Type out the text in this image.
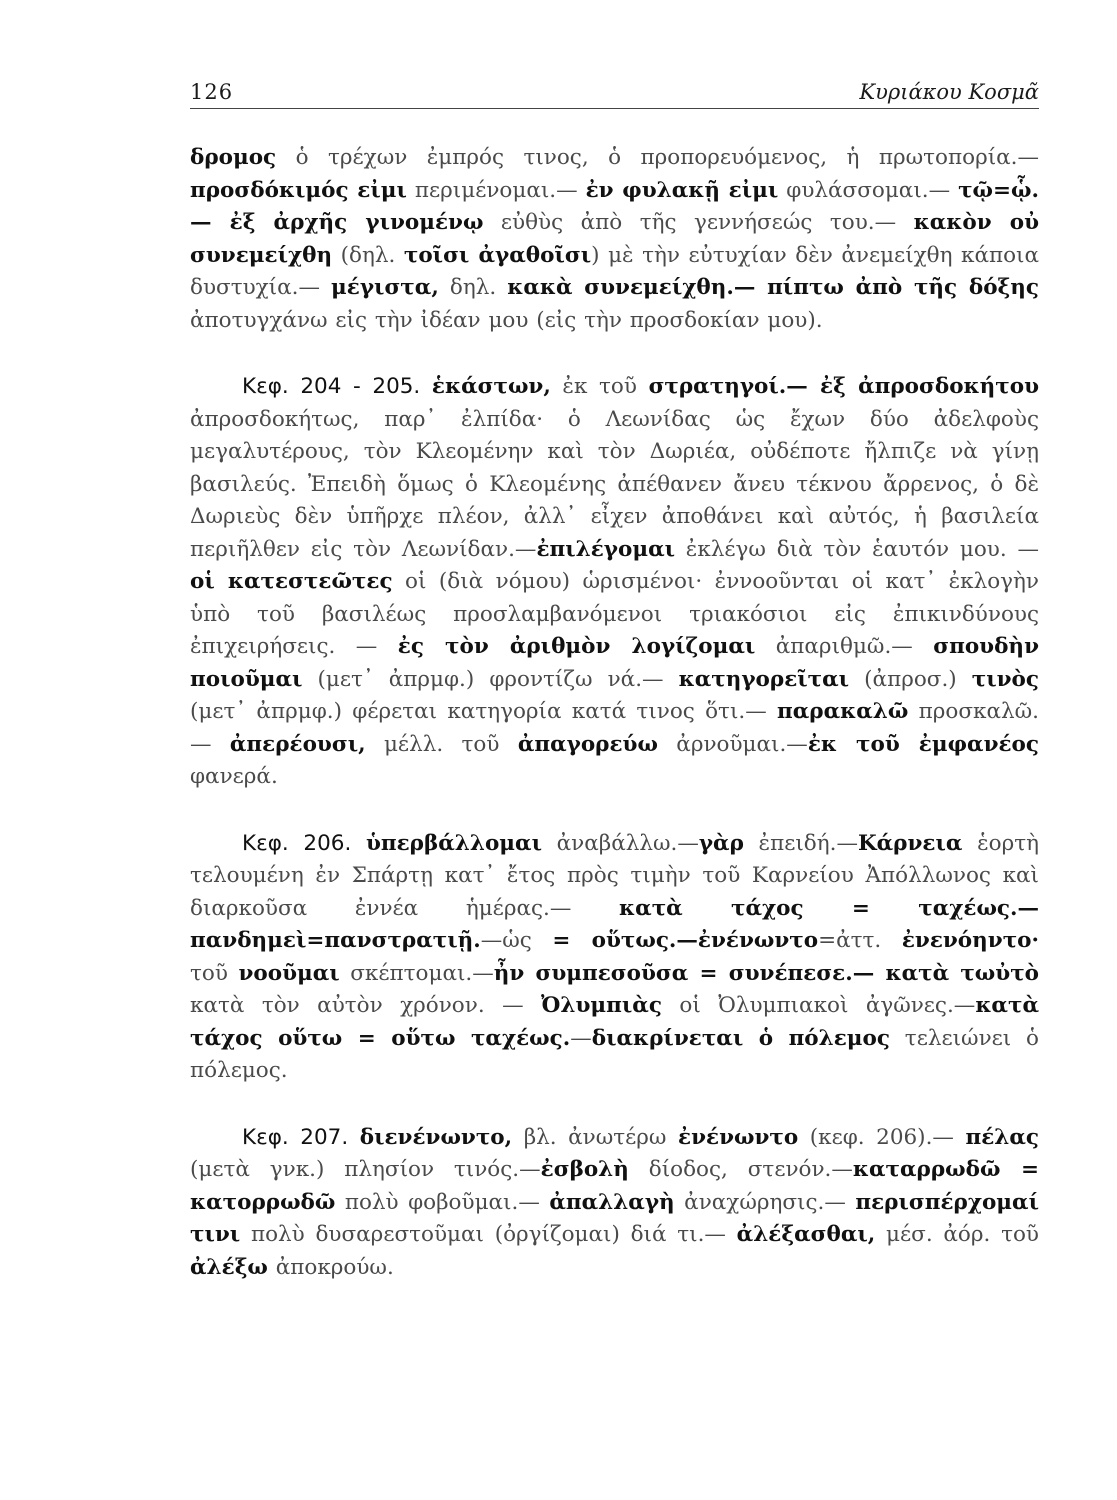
126	Κυριάκου Κοσμᾶ

δρομος ὁ τρέχων ἐμπρός τινος, ὁ προπορευόμενος, ἡ πρωτοπορία.— προσδόκιμός εἰμι περιμένομαι.— ἐν φυλακῇ εἰμι φυλάσσομαι.— τῷ=ᾧ.— ἐξ ἀρχῆς γινομένῳ εὐθὺς ἀπὸ τῆς γεννήσεώς του.— κακὸν οὐ συνεμείχθη (δηλ. τοῖσι ἀγαθοῖσι) μὲ τὴν εὐτυχίαν δὲν ἀνεμείχθη κάποια δυστυχία.— μέγιστα, δηλ. κακὰ συνεμείχθη.— πίπτω ἀπὸ τῆς δόξης ἀποτυγχάνω εἰς τὴν ἰδέαν μου (εἰς τὴν προσδοκίαν μου).

Κεφ. 204 - 205. ἑκάστων, ἐκ τοῦ στρατηγοί.— ἐξ ἀπροσδοκήτου ἀπροσδοκήτως, παρ᾽ ἐλπίδα· ὁ Λεωνίδας ὡς ἔχων δύο ἀδελφοὺς μεγαλυτέρους, τὸν Κλεομένην καὶ τὸν Δωριέα, οὐδέποτε ἤλπιζε νὰ γίνῃ βασιλεύς. Ἐπειδὴ ὅμως ὁ Κλεομένης ἀπέθανεν ἄνευ τέκνου ἄρρενος, ὁ δὲ Δωριεὺς δὲν ὑπῆρχε πλέον, ἀλλ᾽ εἶχεν ἀποθάνει καὶ αὐτός, ἡ βασιλεία περιῆλθεν εἰς τὸν Λεωνίδαν.—ἐπιλέγομαι ἐκλέγω διὰ τὸν ἑαυτόν μου. — οἱ κατεστεῶτες οἱ (διὰ νόμου) ὡρισμένοι· ἐννοοῦνται οἱ κατ᾽ ἐκλογὴν ὑπὸ τοῦ βασιλέως προσλαμβανόμενοι τριακόσιοι εἰς ἐπικινδύνους ἐπιχειρήσεις. — ἐς τὸν ἀριθμὸν λογίζομαι ἀπαριθμῶ.— σπουδὴν ποιοῦμαι (μετ᾽ ἀπρμφ.) φροντίζω νά.— κατηγορεῖται (ἀπροσ.) τινὸς (μετ᾽ ἀπρμφ.) φέρεται κατηγορία κατά τινος ὅτι.— παρακαλῶ προσκαλῶ.— ἀπερέουσι, μέλλ. τοῦ ἀπαγορεύω ἀρνοῦμαι.—ἐκ τοῦ ἐμφανέος φανερά.

Κεφ. 206. ὑπερβάλλομαι ἀναβάλλω.—γὰρ ἐπειδή.—Κάρνεια ἑορτὴ τελουμένη ἐν Σπάρτῃ κατ᾽ ἔτος πρὸς τιμὴν τοῦ Καρνείου Ἀπόλλωνος καὶ διαρκοῦσα ἐννέα ἡμέρας.— κατὰ τάχος = ταχέως.— πανδημεὶ=πανστρατιῇ.—ὡς = οὕτως.—ἐνένωντο=ἀττ. ἐνενόηντο· τοῦ νοοῦμαι σκέπτομαι.—ἦν συμπεσοῦσα = συνέπεσε.— κατὰ τωὐτὸ κατὰ τὸν αὐτὸν χρόνον. — Ὀλυμπιὰς οἱ Ὀλυμπιακοὶ ἀγῶνες.—κατὰ τάχος οὕτω = οὕτω ταχέως.—διακρίνεται ὁ πόλεμος τελειώνει ὁ πόλεμος.

Κεφ. 207. διενένωντο, βλ. ἀνωτέρω ἐνένωντο (κεφ. 206).— πέλας (μετὰ γνκ.) πλησίον τινός.—ἐσβολὴ δίοδος, στενόν.—καταρρωδῶ = κατορρωδῶ πολὺ φοβοῦμαι.— ἀπαλλαγὴ ἀναχώρησις.— περισπέρχομαί τινι πολὺ δυσαρεστοῦμαι (ὀργίζομαι) διά τι.— ἀλέξασθαι, μέσ. ἀόρ. τοῦ ἀλέξω ἀποκρούω.
